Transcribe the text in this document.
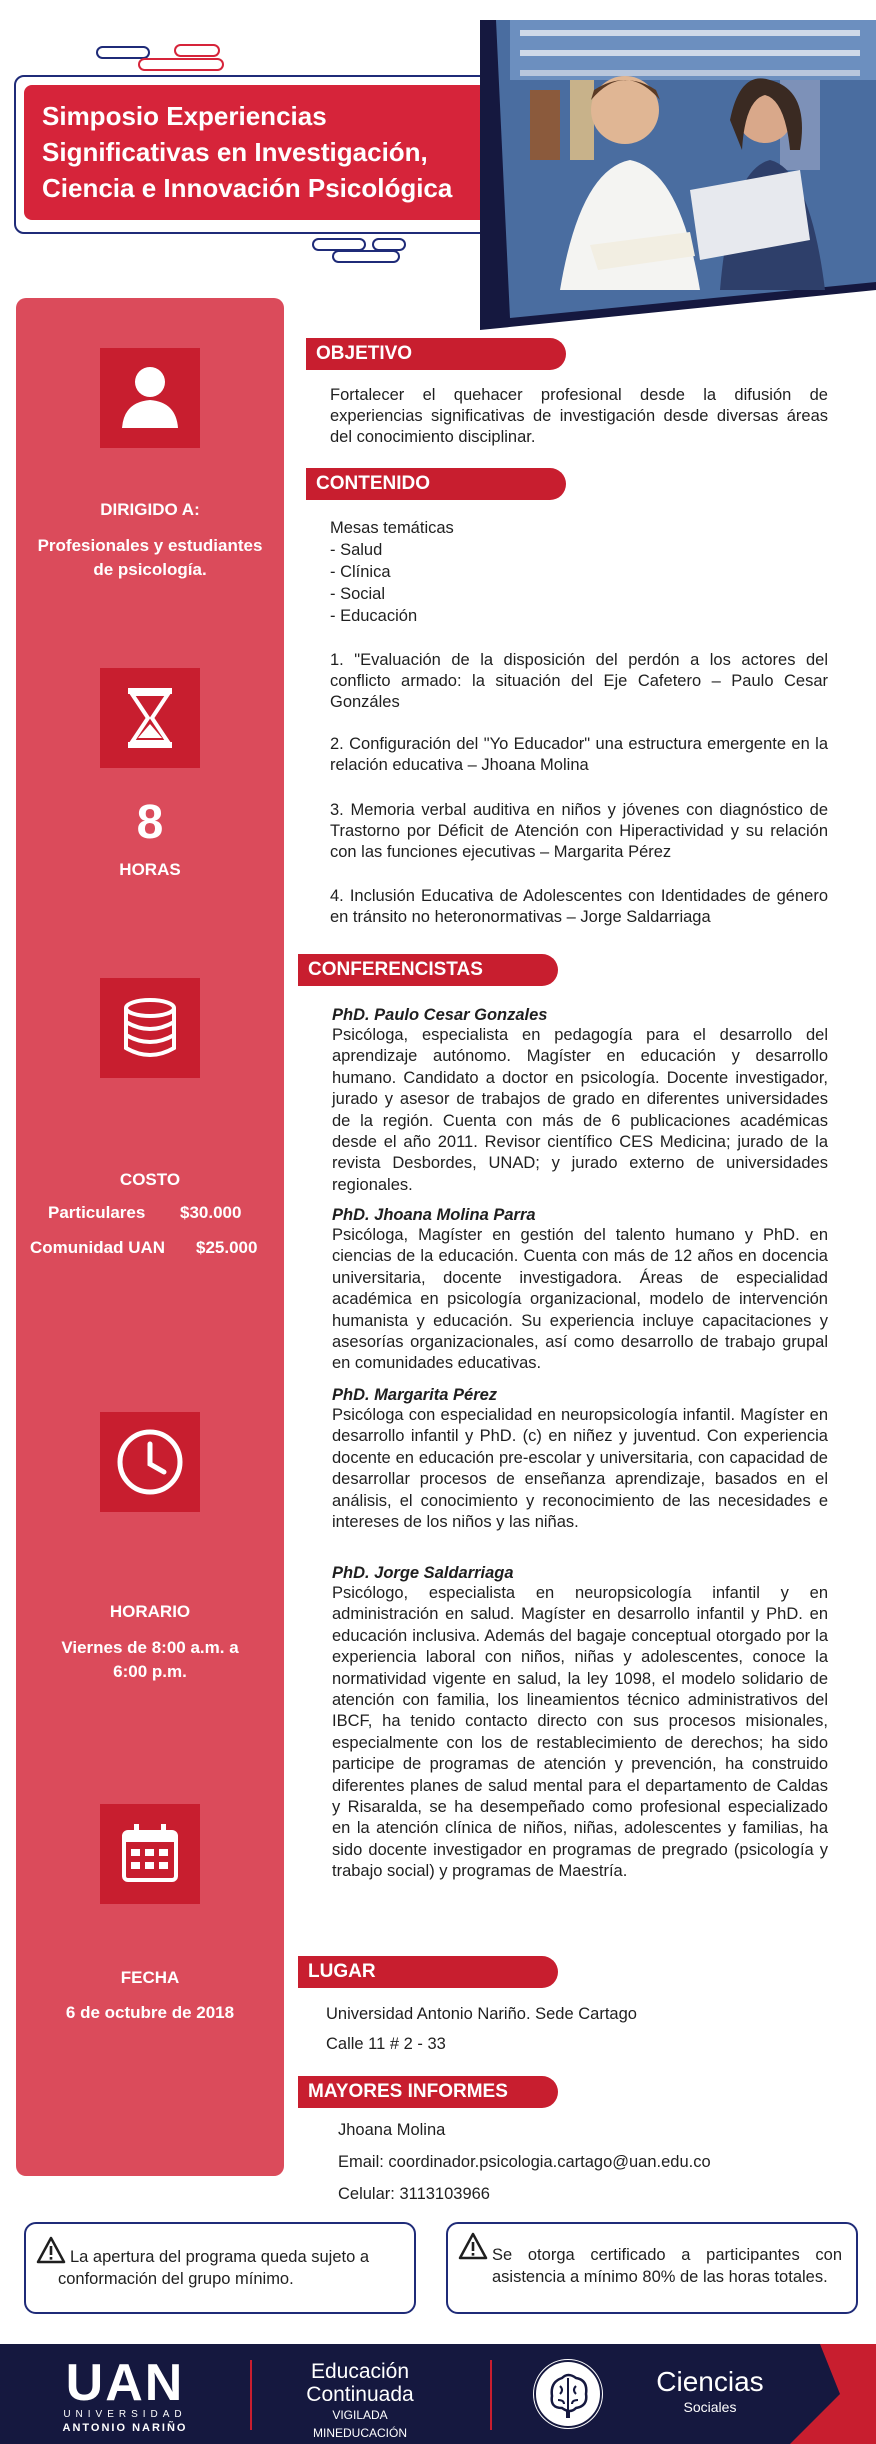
Simposio Experiencias
Significativas en Investigación,
Ciencia e Innovación Psicológica
DIRIGIDO A:
Profesionales y estudiantes
de psicología.
8
HORAS
COSTO
Particulares $30.000
Comunidad UAN $25.000
HORARIO
Viernes de 8:00 a.m. a
6:00 p.m.
FECHA
6 de octubre de 2018
OBJETIVO
Fortalecer el quehacer profesional desde la difusión de experiencias significativas de investigación desde diversas áreas del conocimiento disciplinar.
CONTENIDO
Mesas temáticas
- Salud
- Clínica
- Social
- Educación
1. "Evaluación de la disposición del perdón a los actores del conflicto armado: la situación del Eje Cafetero – Paulo Cesar Gonzáles
2. Configuración del "Yo Educador" una estructura emergente en la relación educativa – Jhoana Molina
3. Memoria verbal auditiva en niños y jóvenes con diagnóstico de Trastorno por Déficit de Atención con Hiperactividad y su relación con las funciones ejecutivas – Margarita Pérez
4. Inclusión Educativa de Adolescentes con Identidades de género en tránsito no heteronormativas – Jorge Saldarriaga
CONFERENCISTAS
PhD. Paulo Cesar Gonzales
Psicóloga, especialista en pedagogía para el desarrollo del aprendizaje autónomo. Magíster en educación y desarrollo humano. Candidato a doctor en psicología. Docente investigador, jurado y asesor de trabajos de grado en diferentes universidades de la región. Cuenta con más de 6 publicaciones académicas desde el año 2011. Revisor científico CES Medicina; jurado de la revista Desbordes, UNAD; y jurado externo de universidades regionales.
PhD. Jhoana Molina Parra
Psicóloga, Magíster en gestión del talento humano y PhD. en ciencias de la educación. Cuenta con más de 12 años en docencia universitaria, docente investigadora. Áreas de especialidad académica en psicología organizacional, modelo de intervención humanista y educación. Su experiencia incluye capacitaciones y asesorías organizacionales, así como desarrollo de trabajo grupal en comunidades educativas.
PhD. Margarita Pérez
Psicóloga con especialidad en neuropsicología infantil. Magíster en desarrollo infantil y PhD. (c) en niñez y juventud. Con experiencia docente en educación pre-escolar y universitaria, con capacidad de desarrollar procesos de enseñanza aprendizaje, basados en el análisis, el conocimiento y reconocimiento de las necesidades e intereses de los niños y las niñas.
PhD. Jorge Saldarriaga
Psicólogo, especialista en neuropsicología infantil y en administración en salud. Magíster en desarrollo infantil y PhD. en educación inclusiva. Además del bagaje conceptual otorgado por la experiencia laboral con niños, niñas y adolescentes, conoce la normatividad vigente en salud, la ley 1098, el modelo solidario de atención con familia, los lineamientos técnico administrativos del IBCF, ha tenido contacto directo con sus procesos misionales, especialmente con los de restablecimiento de derechos; ha sido participe de programas de atención y prevención, ha construido diferentes planes de salud mental para el departamento de Caldas y Risaralda, se ha desempeñado como profesional especializado en la atención clínica de niños, niñas, adolescentes y familias, ha sido docente investigador en programas de pregrado (psicología y trabajo social) y programas de Maestría.
LUGAR
Universidad Antonio Nariño. Sede Cartago
Calle 11 # 2 - 33
MAYORES INFORMES
Jhoana Molina
Email: coordinador.psicologia.cartago@uan.edu.co
Celular: 3113103966
La apertura del programa queda sujeto a conformación del grupo mínimo.
Se otorga certificado a participantes con asistencia a mínimo 80% de las horas totales.
UAN
UNIVERSIDAD
ANTONIO NARIÑO
Educación
Continuada
VIGILADA MINEDUCACIÓN
Ciencias
Sociales
